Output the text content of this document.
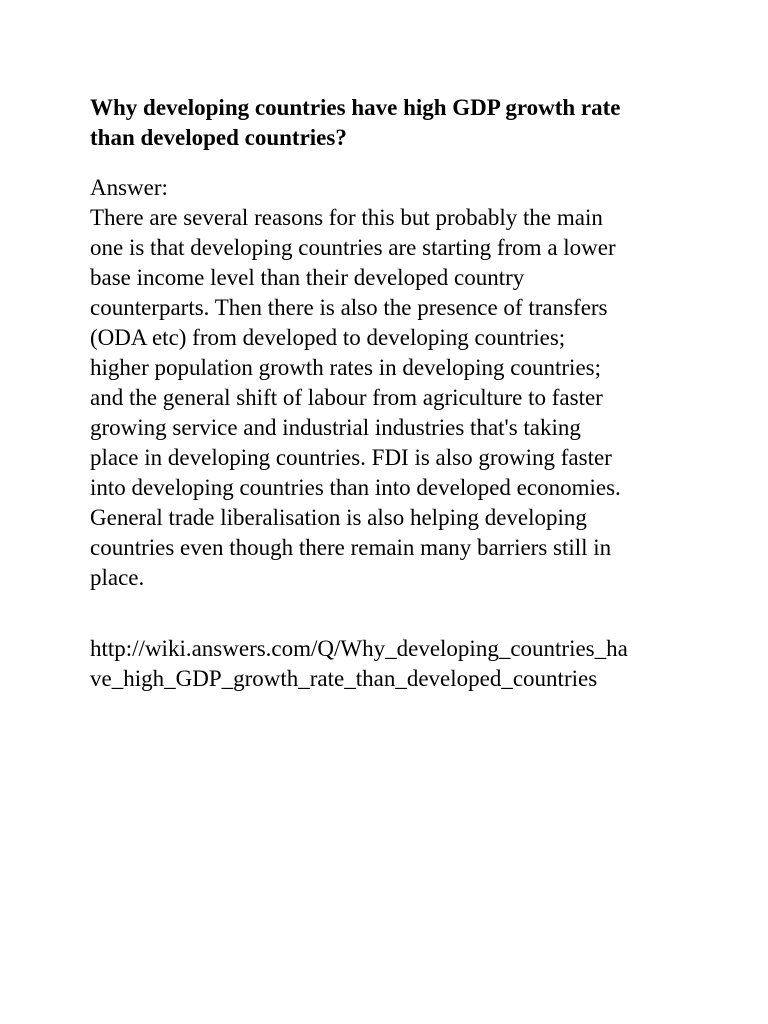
Why developing countries have high GDP growth rate
than developed countries?
Answer:
There are several reasons for this but probably the main
one is that developing countries are starting from a lower
base income level than their developed country
counterparts. Then there is also the presence of transfers
(ODA etc) from developed to developing countries;
higher population growth rates in developing countries;
and the general shift of labour from agriculture to faster
growing service and industrial industries that's taking
place in developing countries. FDI is also growing faster
into developing countries than into developed economies.
General trade liberalisation is also helping developing
countries even though there remain many barriers still in
place.
http://wiki.answers.com/Q/Why_developing_countries_ha
ve_high_GDP_growth_rate_than_developed_countries
